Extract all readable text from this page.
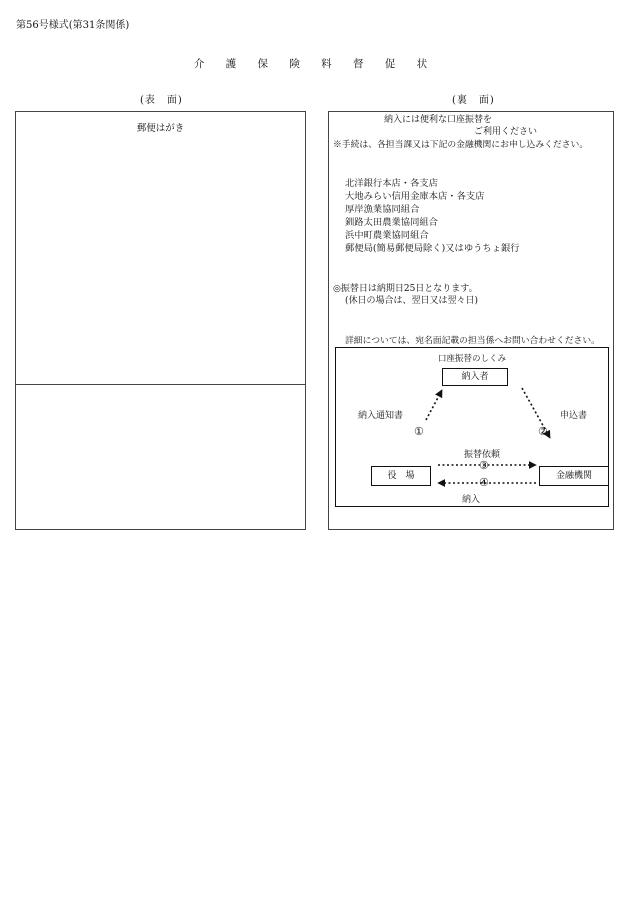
第56号様式(第31条関係)
介 護 保 険 料 督 促 状
(表　面)	(裏　面)
郵便はがき
納入には便利な口座振替を
ご利用ください
※手続は、各担当課又は下記の金融機関にお申し込みください。
北洋銀行本店・各支店
大地みらい信用金庫本店・各支店
厚岸漁業協同組合
釧路太田農業協同組合
浜中町農業協同組合
郵便局(簡易郵便局除く)又はゆうちょ銀行
◎振替日は納期日25日となります。
(休日の場合は、翌日又は翌々日)
詳細については、宛名面記載の担当係へお問い合わせください。
口座振替のしくみ
納入者
役　場	金融機関
納入通知書	申込書
振替依頼
①	②
③
④
納入
